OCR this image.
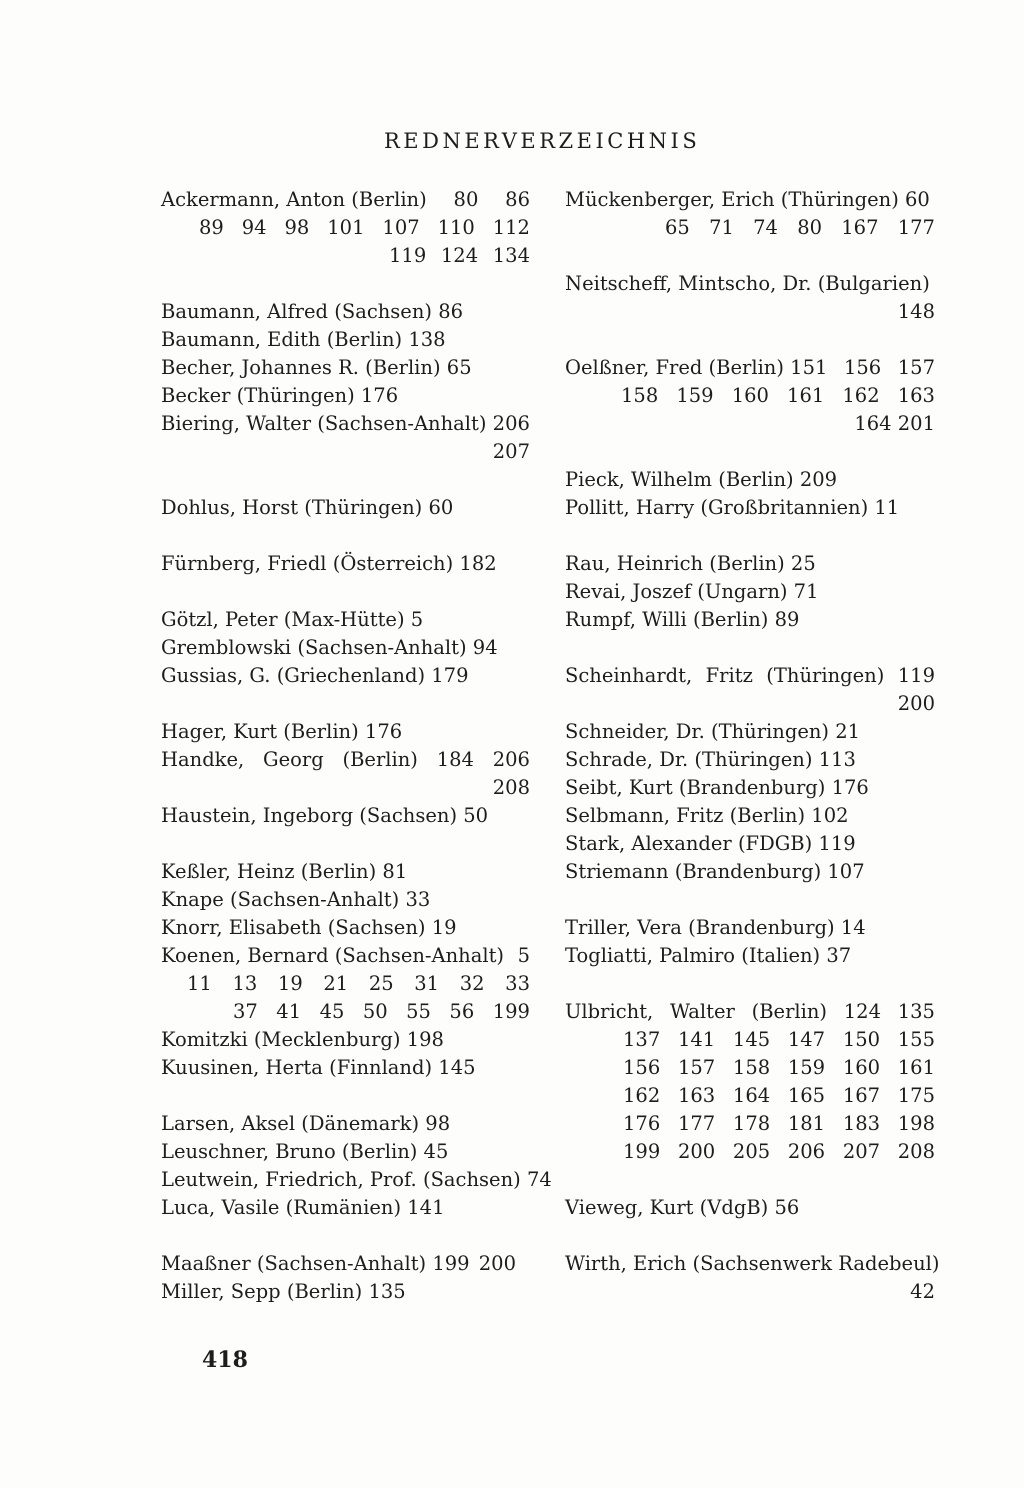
REDNERVERZEICHNIS
Ackermann, Anton (Berlin) 80 86
89 94 98 101 107 110 112
119 124 134
Baumann, Alfred (Sachsen) 86
Baumann, Edith (Berlin) 138
Becher, Johannes R. (Berlin) 65
Becker (Thüringen) 176
Biering, Walter (Sachsen-Anhalt) 206
207
Dohlus, Horst (Thüringen) 60
Fürnberg, Friedl (Österreich) 182
Götzl, Peter (Max-Hütte) 5
Gremblowski (Sachsen-Anhalt) 94
Gussias, G. (Griechenland) 179
Hager, Kurt (Berlin) 176
Handke, Georg (Berlin) 184 206
208
Haustein, Ingeborg (Sachsen) 50
Keßler, Heinz (Berlin) 81
Knape (Sachsen-Anhalt) 33
Knorr, Elisabeth (Sachsen) 19
Koenen, Bernard (Sachsen-Anhalt) 5
11 13 19 21 25 31 32 33
37 41 45 50 55 56 199
Komitzki (Mecklenburg) 198
Kuusinen, Herta (Finnland) 145
Larsen, Aksel (Dänemark) 98
Leuschner, Bruno (Berlin) 45
Leutwein, Friedrich, Prof. (Sachsen) 74
Luca, Vasile (Rumänien) 141
Maaßner (Sachsen-Anhalt) 199 200
Miller, Sepp (Berlin) 135
Mückenberger, Erich (Thüringen) 60
65 71 74 80 167 177
Neitscheff, Mintscho, Dr. (Bulgarien)
148
Oelßner, Fred (Berlin) 151 156 157
158 159 160 161 162 163
164 201
Pieck, Wilhelm (Berlin) 209
Pollitt, Harry (Großbritannien) 11
Rau, Heinrich (Berlin) 25
Revai, Joszef (Ungarn) 71
Rumpf, Willi (Berlin) 89
Scheinhardt, Fritz (Thüringen) 119
200
Schneider, Dr. (Thüringen) 21
Schrade, Dr. (Thüringen) 113
Seibt, Kurt (Brandenburg) 176
Selbmann, Fritz (Berlin) 102
Stark, Alexander (FDGB) 119
Striemann (Brandenburg) 107
Triller, Vera (Brandenburg) 14
Togliatti, Palmiro (Italien) 37
Ulbricht, Walter (Berlin) 124 135
137 141 145 147 150 155
156 157 158 159 160 161
162 163 164 165 167 175
176 177 178 181 183 198
199 200 205 206 207 208
Vieweg, Kurt (VdgB) 56
Wirth, Erich (Sachsenwerk Radebeul)
42
418
